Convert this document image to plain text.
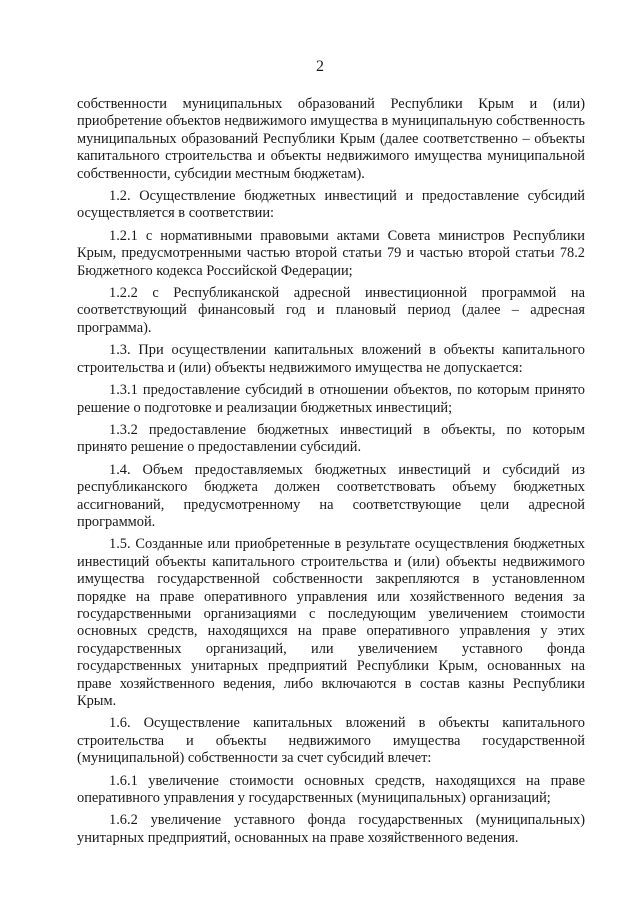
2

собственности муниципальных образований Республики Крым и (или) приобретение объектов недвижимого имущества в муниципальную собственность муниципальных образований Республики Крым (далее соответственно – объекты капитального строительства и объекты недвижимого имущества муниципальной собственности, субсидии местным бюджетам).

1.2. Осуществление бюджетных инвестиций и предоставление субсидий осуществляется в соответствии:

1.2.1 с нормативными правовыми актами Совета министров Республики Крым, предусмотренными частью второй статьи 79 и частью второй статьи 78.2 Бюджетного кодекса Российской Федерации;

1.2.2 с Республиканской адресной инвестиционной программой на соответствующий финансовый год и плановый период (далее – адресная программа).

1.3. При осуществлении капитальных вложений в объекты капитального строительства и (или) объекты недвижимого имущества не допускается:

1.3.1 предоставление субсидий в отношении объектов, по которым принято решение о подготовке и реализации бюджетных инвестиций;

1.3.2 предоставление бюджетных инвестиций в объекты, по которым принято решение о предоставлении субсидий.

1.4. Объем предоставляемых бюджетных инвестиций и субсидий из республиканского бюджета должен соответствовать объему бюджетных ассигнований, предусмотренному на соответствующие цели адресной программой.

1.5. Созданные или приобретенные в результате осуществления бюджетных инвестиций объекты капитального строительства и (или) объекты недвижимого имущества государственной собственности закрепляются в установленном порядке на праве оперативного управления или хозяйственного ведения за государственными организациями с последующим увеличением стоимости основных средств, находящихся на праве оперативного управления у этих государственных организаций, или увеличением уставного фонда государственных унитарных предприятий Республики Крым, основанных на праве хозяйственного ведения, либо включаются в состав казны Республики Крым.

1.6. Осуществление капитальных вложений в объекты капитального строительства и объекты недвижимого имущества государственной (муниципальной) собственности за счет субсидий влечет:

1.6.1 увеличение стоимости основных средств, находящихся на праве оперативного управления у государственных (муниципальных) организаций;

1.6.2 увеличение уставного фонда государственных (муниципальных) унитарных предприятий, основанных на праве хозяйственного ведения.
